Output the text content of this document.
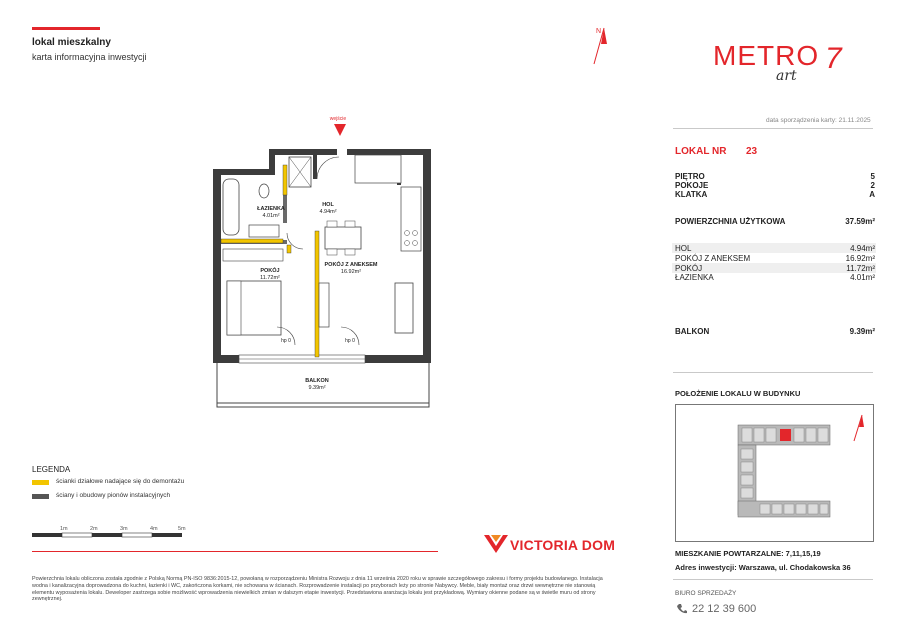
lokal mieszkalny
karta informacyjna inwestycji
N
METRO
art
7
data sporządzenia karty: 21.11.2025
LOKAL NR 23
PIĘTRO	5
POKOJE	2
KLATKA	A
POWIERZCHNIA UŻYTKOWA	37.59m²
HOL	4.94m²
POKÓJ Z ANEKSEM	16.92m²
POKÓJ	11.72m²
ŁAZIENKA	4.01m²
BALKON	9.39m²
POŁOŻENIE LOKALU W BUDYNKU
wejście
ŁAZIENKA
4.01m²
HOL
4.94m²
POKÓJ
11.72m²
POKÓJ Z ANEKSEM
16.92m²
BALKON
9.39m²
hp 0	hp 0
LEGENDA
ścianki działowe nadające się do demontażu
ściany i obudowy pionów instalacyjnych
1m	2m	3m	4m	5m
VICTORIA DOM
Powierzchnia lokalu obliczona została zgodnie z Polską Normą PN-ISO 9836:2015-12, powołaną w rozporządzeniu Ministra Rozwoju z dnia 11 września 2020 roku w sprawie szczegółowego zakresu i formy projektu budowlanego. Instalacja wodna i kanalizacyjna doprowadzona do kuchni, łazienki i WC, zakończona korkami, nie schowana w ścianach. Rozprowadzenie instalacji po przyborach leży po stronie Nabywcy. Meble, biały montaż oraz drzwi wewnętrzne nie stanowią elementu wyposażenia lokalu. Deweloper zastrzega sobie możliwość wprowadzenia niewielkich zmian w dalszym etapie inwestycji. Przedstawiona aranżacja lokalu jest przykładową. Wymiary okienne podane są w świetle muru od strony zewnętrznej.
MIESZKANIE POWTARZALNE: 7,11,15,19
Adres inwestycji: Warszawa, ul. Chodakowska 36
BIURO SPRZEDAŻY
22 12 39 600
